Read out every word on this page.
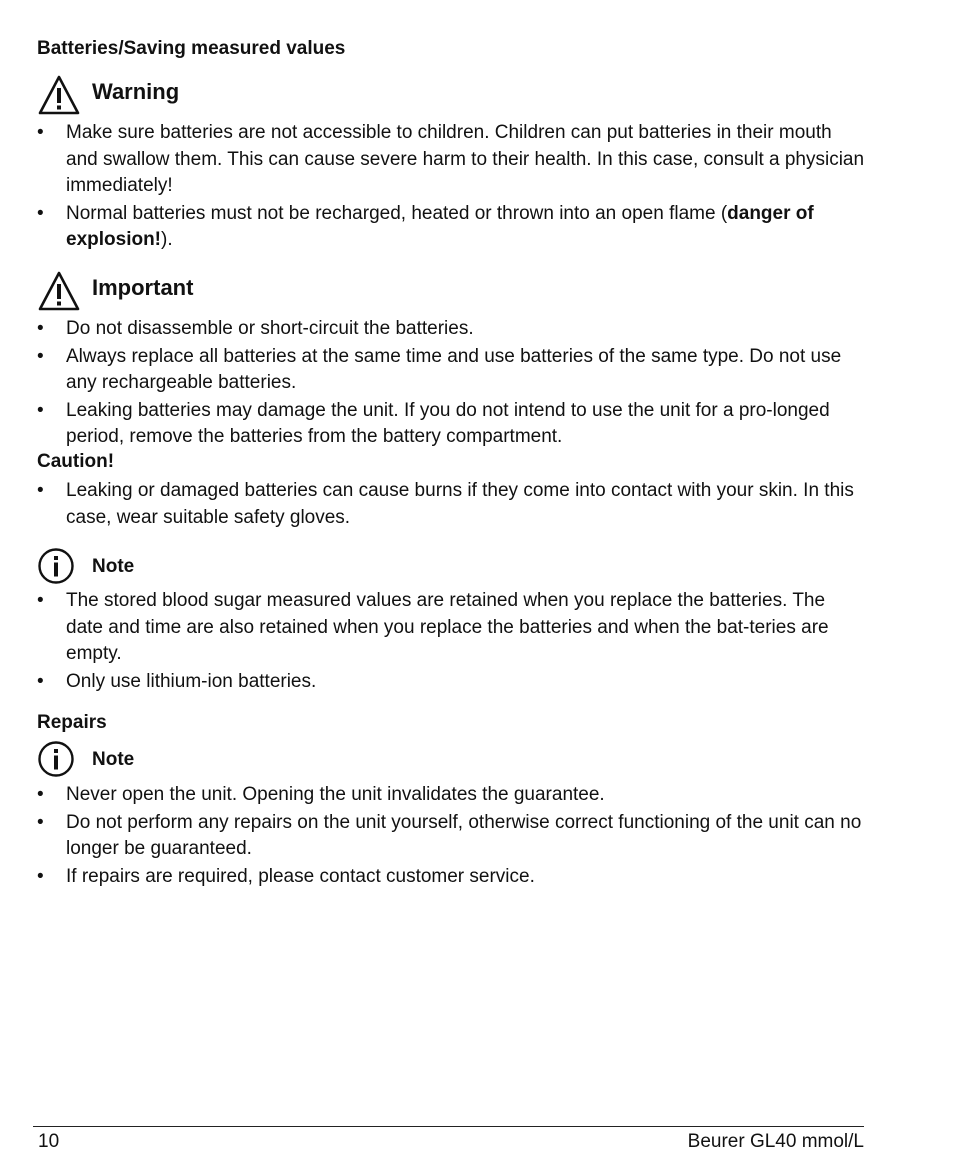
Batteries/Saving measured values
Warning
• Make sure batteries are not accessible to children. Children can put batteries in their mouth and swallow them. This can cause severe harm to their health. In this case, consult a physician immediately!
• Normal batteries must not be recharged, heated or thrown into an open flame (danger of explosion!).
Important
• Do not disassemble or short-circuit the batteries.
• Always replace all batteries at the same time and use batteries of the same type. Do not use any rechargeable batteries.
• Leaking batteries may damage the unit. If you do not intend to use the unit for a pro-longed period, remove the batteries from the battery compartment.
Caution!
• Leaking or damaged batteries can cause burns if they come into contact with your skin. In this case, wear suitable safety gloves.
Note
• The stored blood sugar measured values are retained when you replace the batteries. The date and time are also retained when you replace the batteries and when the bat-teries are empty.
• Only use lithium-ion batteries.
Repairs
Note
• Never open the unit. Opening the unit invalidates the guarantee.
• Do not perform any repairs on the unit yourself, otherwise correct functioning of the unit can no longer be guaranteed.
• If repairs are required, please contact customer service.
10	Beurer GL40 mmol/L
